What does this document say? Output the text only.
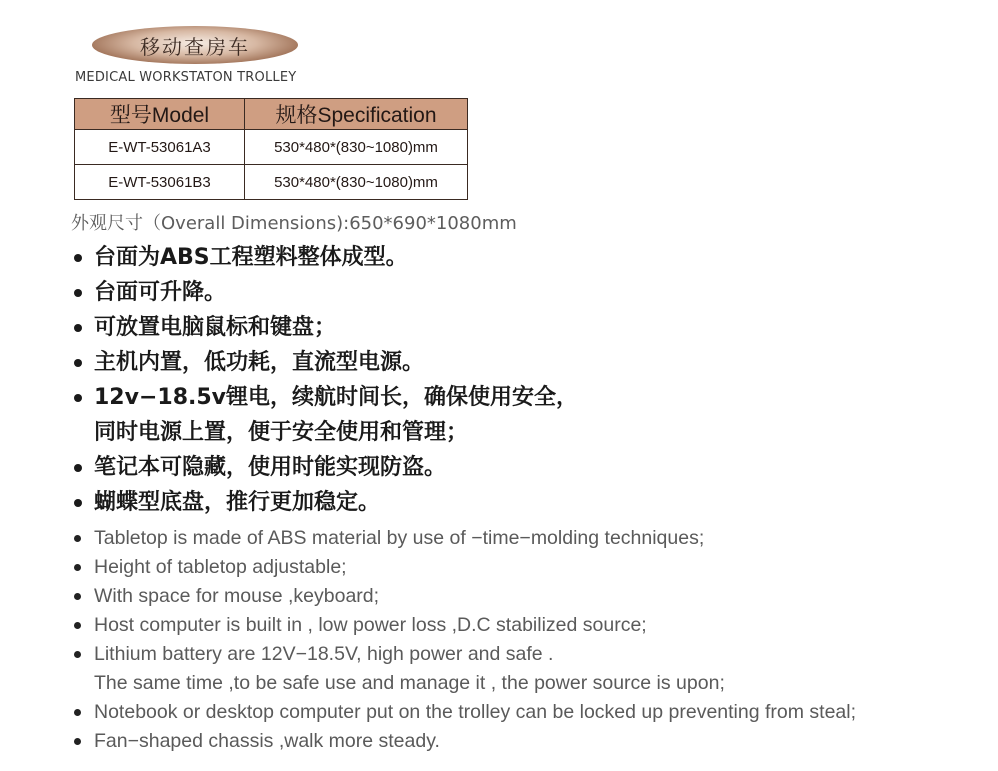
移动查房车
MEDICAL WORKSTATON TROLLEY
型号Model	规格Specification
E-WT-53061A3	530*480*(830~1080)mm
E-WT-53061B3	530*480*(830~1080)mm
外观尺寸（Overall Dimensions):650*690*1080mm
台面为ABS工程塑料整体成型。
台面可升降。
可放置电脑鼠标和键盘；
主机内置，低功耗，直流型电源。
12v−18.5v锂电，续航时间长，确保使用安全，
同时电源上置，便于安全使用和管理；
笔记本可隐藏，使用时能实现防盗。
蝴蝶型底盘，推行更加稳定。
Tabletop is made of ABS material by use of −time−molding techniques;
Height of tabletop adjustable;
With space for mouse ,keyboard;
Host computer is built in , low power loss ,D.C stabilized source;
Lithium battery are 12V−18.5V, high power and safe .
The same time ,to be safe use and manage it , the power source is upon;
Notebook or desktop computer put on the trolley can be locked up preventing from steal;
Fan−shaped chassis ,walk more steady.
